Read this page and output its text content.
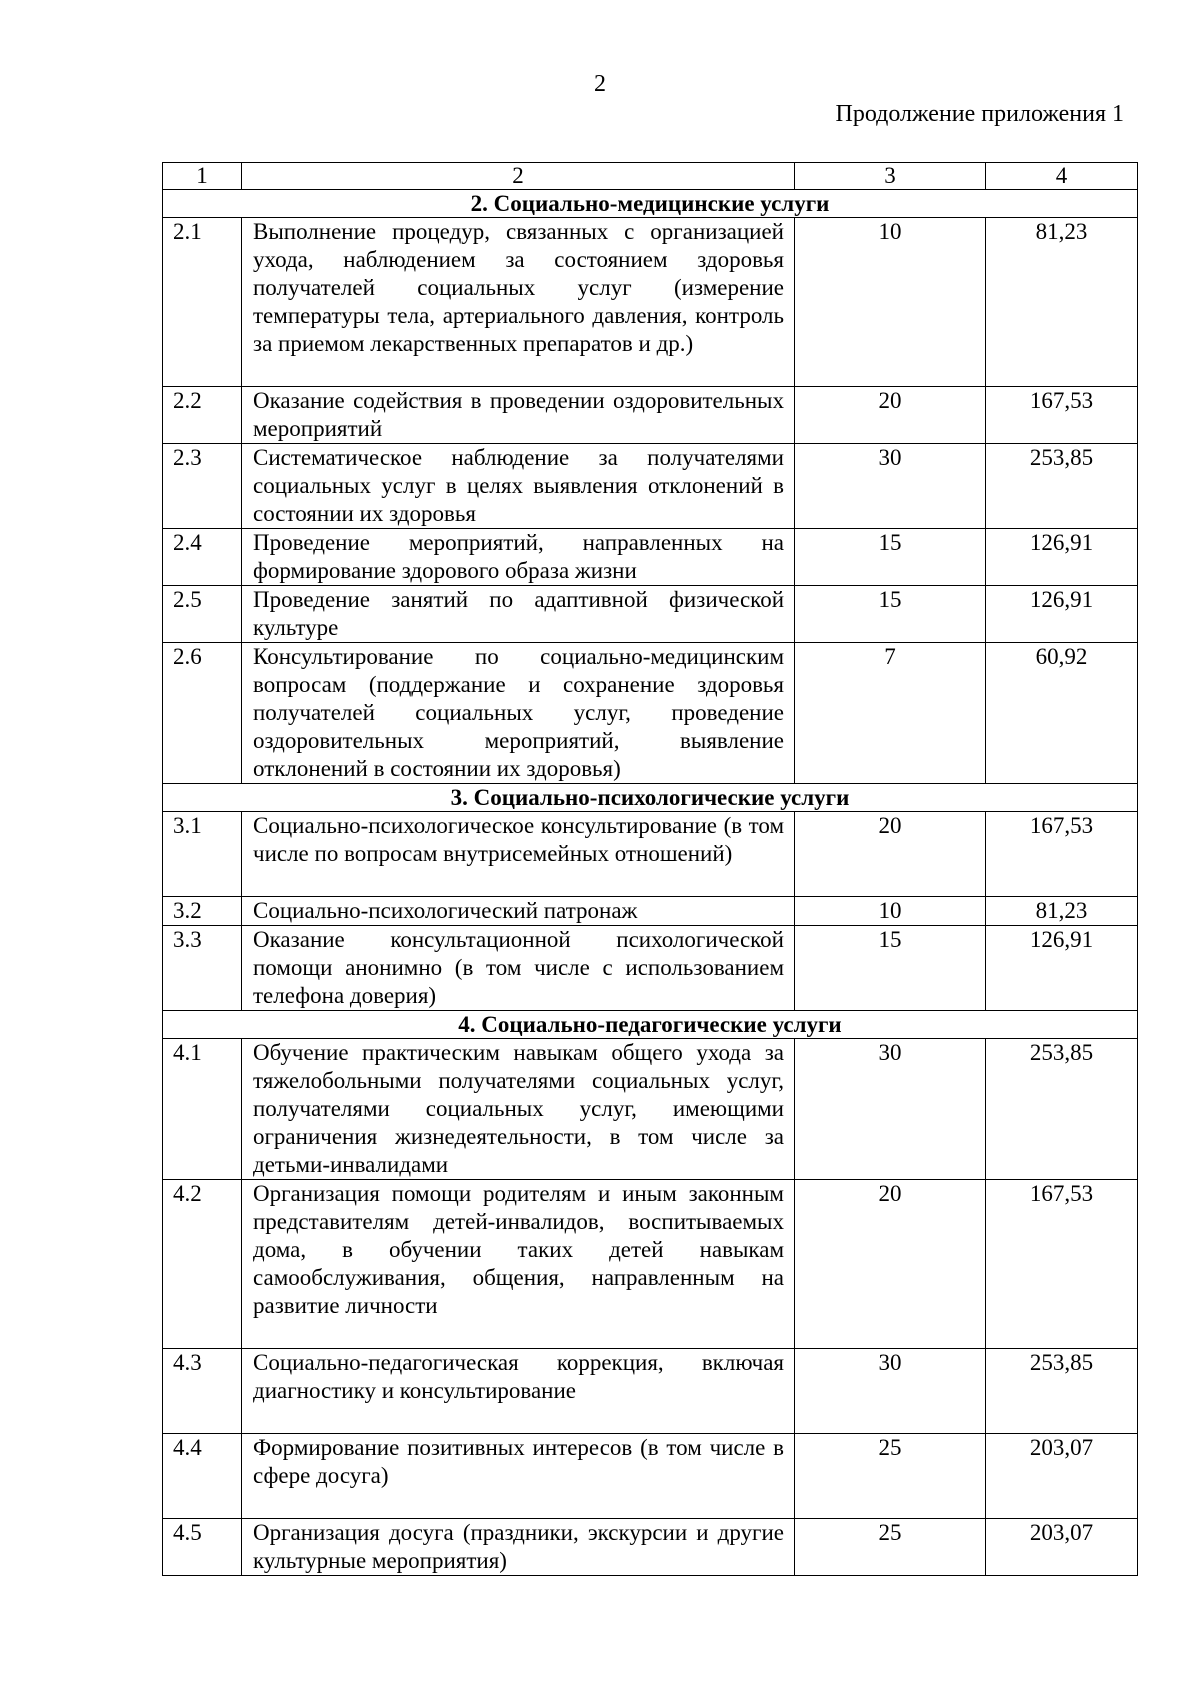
2
Продолжение приложения 1
1	2	3	4
2. Социально-медицинские услуги			
2.1	Выполнение процедур, связанных с организацией ухода, наблюдением за состоянием здоровья получателей социальных услуг (измерение температуры тела, артериального давления, контроль за приемом лекарственных препаратов и др.)	10	81,23
2.2	Оказание содействия в проведении оздоровительных мероприятий	20	167,53
2.3	Систематическое наблюдение за получателями социальных услуг в целях выявления отклонений в состоянии их здоровья	30	253,85
2.4	Проведение мероприятий, направленных на формирование здорового образа жизни	15	126,91
2.5	Проведение занятий по адаптивной физической культуре	15	126,91
2.6	Консультирование по социально-медицинским вопросам (поддержание и сохранение здоровья получателей социальных услуг, проведение оздоровительных мероприятий, выявление отклонений в состоянии их здоровья)	7	60,92
3. Социально-психологические услуги			
3.1	Социально-психологическое консультирование (в том числе по вопросам внутрисемейных отношений)	20	167,53
3.2	Социально-психологический патронаж	10	81,23
3.3	Оказание консультационной психологической помощи анонимно (в том числе с использованием телефона доверия)	15	126,91
4. Социально-педагогические услуги			
4.1	Обучение практическим навыкам общего ухода за тяжелобольными получателями социальных услуг, получателями социальных услуг, имеющими ограничения жизнедеятельности, в том числе за детьми-инвалидами	30	253,85
4.2	Организация помощи родителям и иным законным представителям детей-инвалидов, воспитываемых дома, в обучении таких детей навыкам самообслуживания, общения, направленным на развитие личности	20	167,53
4.3	Социально-педагогическая коррекция, включая диагностику и консультирование	30	253,85
4.4	Формирование позитивных интересов (в том числе в сфере досуга)	25	203,07
4.5	Организация досуга (праздники, экскурсии и другие культурные мероприятия)	25	203,07
